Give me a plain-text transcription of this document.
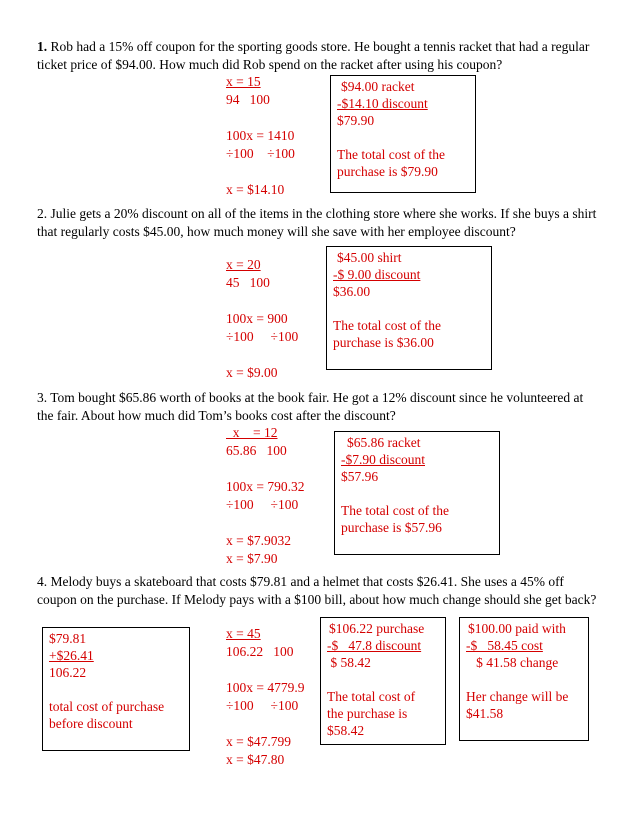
1. Rob had a 15% off coupon for the sporting goods store. He bought a tennis racket that had a regular ticket price of $94.00. How much did Rob spend on the racket after using his coupon?
x = 15
94   100
100x = 1410
÷100    ÷100
x = $14.10
$94.00 racket
-$14.10 discount
$79.90
The total cost of the
purchase is $79.90
2. Julie gets a 20% discount on all of the items in the clothing store where she works. If she buys a shirt that regularly costs $45.00, how much money will she save with her employee discount?
x = 20
45   100
100x = 900
÷100     ÷100
x = $9.00
$45.00 shirt
-$ 9.00 discount
$36.00
The total cost of the
purchase is $36.00
3. Tom bought $65.86 worth of books at the book fair. He got a 12% discount since he volunteered at the fair. About how much did Tom’s books cost after the discount?
x    = 12
65.86   100
100x = 790.32
÷100     ÷100
x = $7.9032
x = $7.90
$65.86 racket
-$7.90 discount
$57.96
The total cost of the
purchase is $57.96
4. Melody buys a skateboard that costs $79.81 and a helmet that costs $26.41. She uses a 45% off coupon on the purchase. If Melody pays with a $100 bill, about how much change should she get back?
$79.81
+$26.41
106.22
total cost of purchase
before discount
x = 45
106.22   100
100x = 4779.9
÷100     ÷100
x = $47.799
x = $47.80
$106.22 purchase
-$   47.8 discount
$ 58.42
The total cost of
the purchase is
$58.42
$100.00 paid with
-$   58.45 cost
$ 41.58 change
Her change will be
$41.58
